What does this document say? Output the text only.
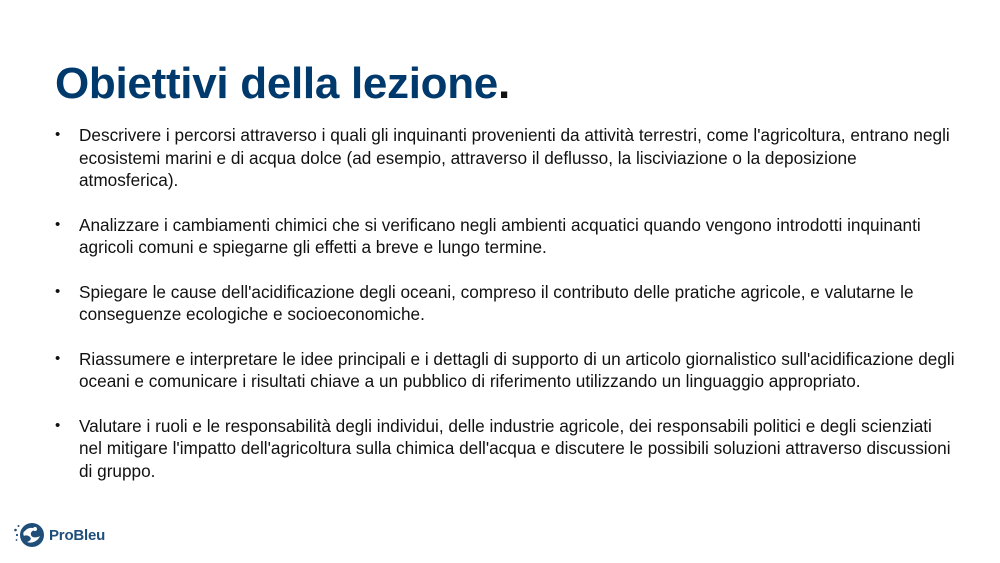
Obiettivi della lezione.
• Descrivere i percorsi attraverso i quali gli inquinanti provenienti da attività terrestri, come l'agricoltura, entrano negli ecosistemi marini e di acqua dolce (ad esempio, attraverso il deflusso, la lisciviazione o la deposizione atmosferica).
• Analizzare i cambiamenti chimici che si verificano negli ambienti acquatici quando vengono introdotti inquinanti agricoli comuni e spiegarne gli effetti a breve e lungo termine.
• Spiegare le cause dell'acidificazione degli oceani, compreso il contributo delle pratiche agricole, e valutarne le conseguenze ecologiche e socioeconomiche.
• Riassumere e interpretare le idee principali e i dettagli di supporto di un articolo giornalistico sull'acidificazione degli oceani e comunicare i risultati chiave a un pubblico di riferimento utilizzando un linguaggio appropriato.
• Valutare i ruoli e le responsabilità degli individui, delle industrie agricole, dei responsabili politici e degli scienziati nel mitigare l'impatto dell'agricoltura sulla chimica dell'acqua e discutere le possibili soluzioni attraverso discussioni di gruppo.
ProBleu
